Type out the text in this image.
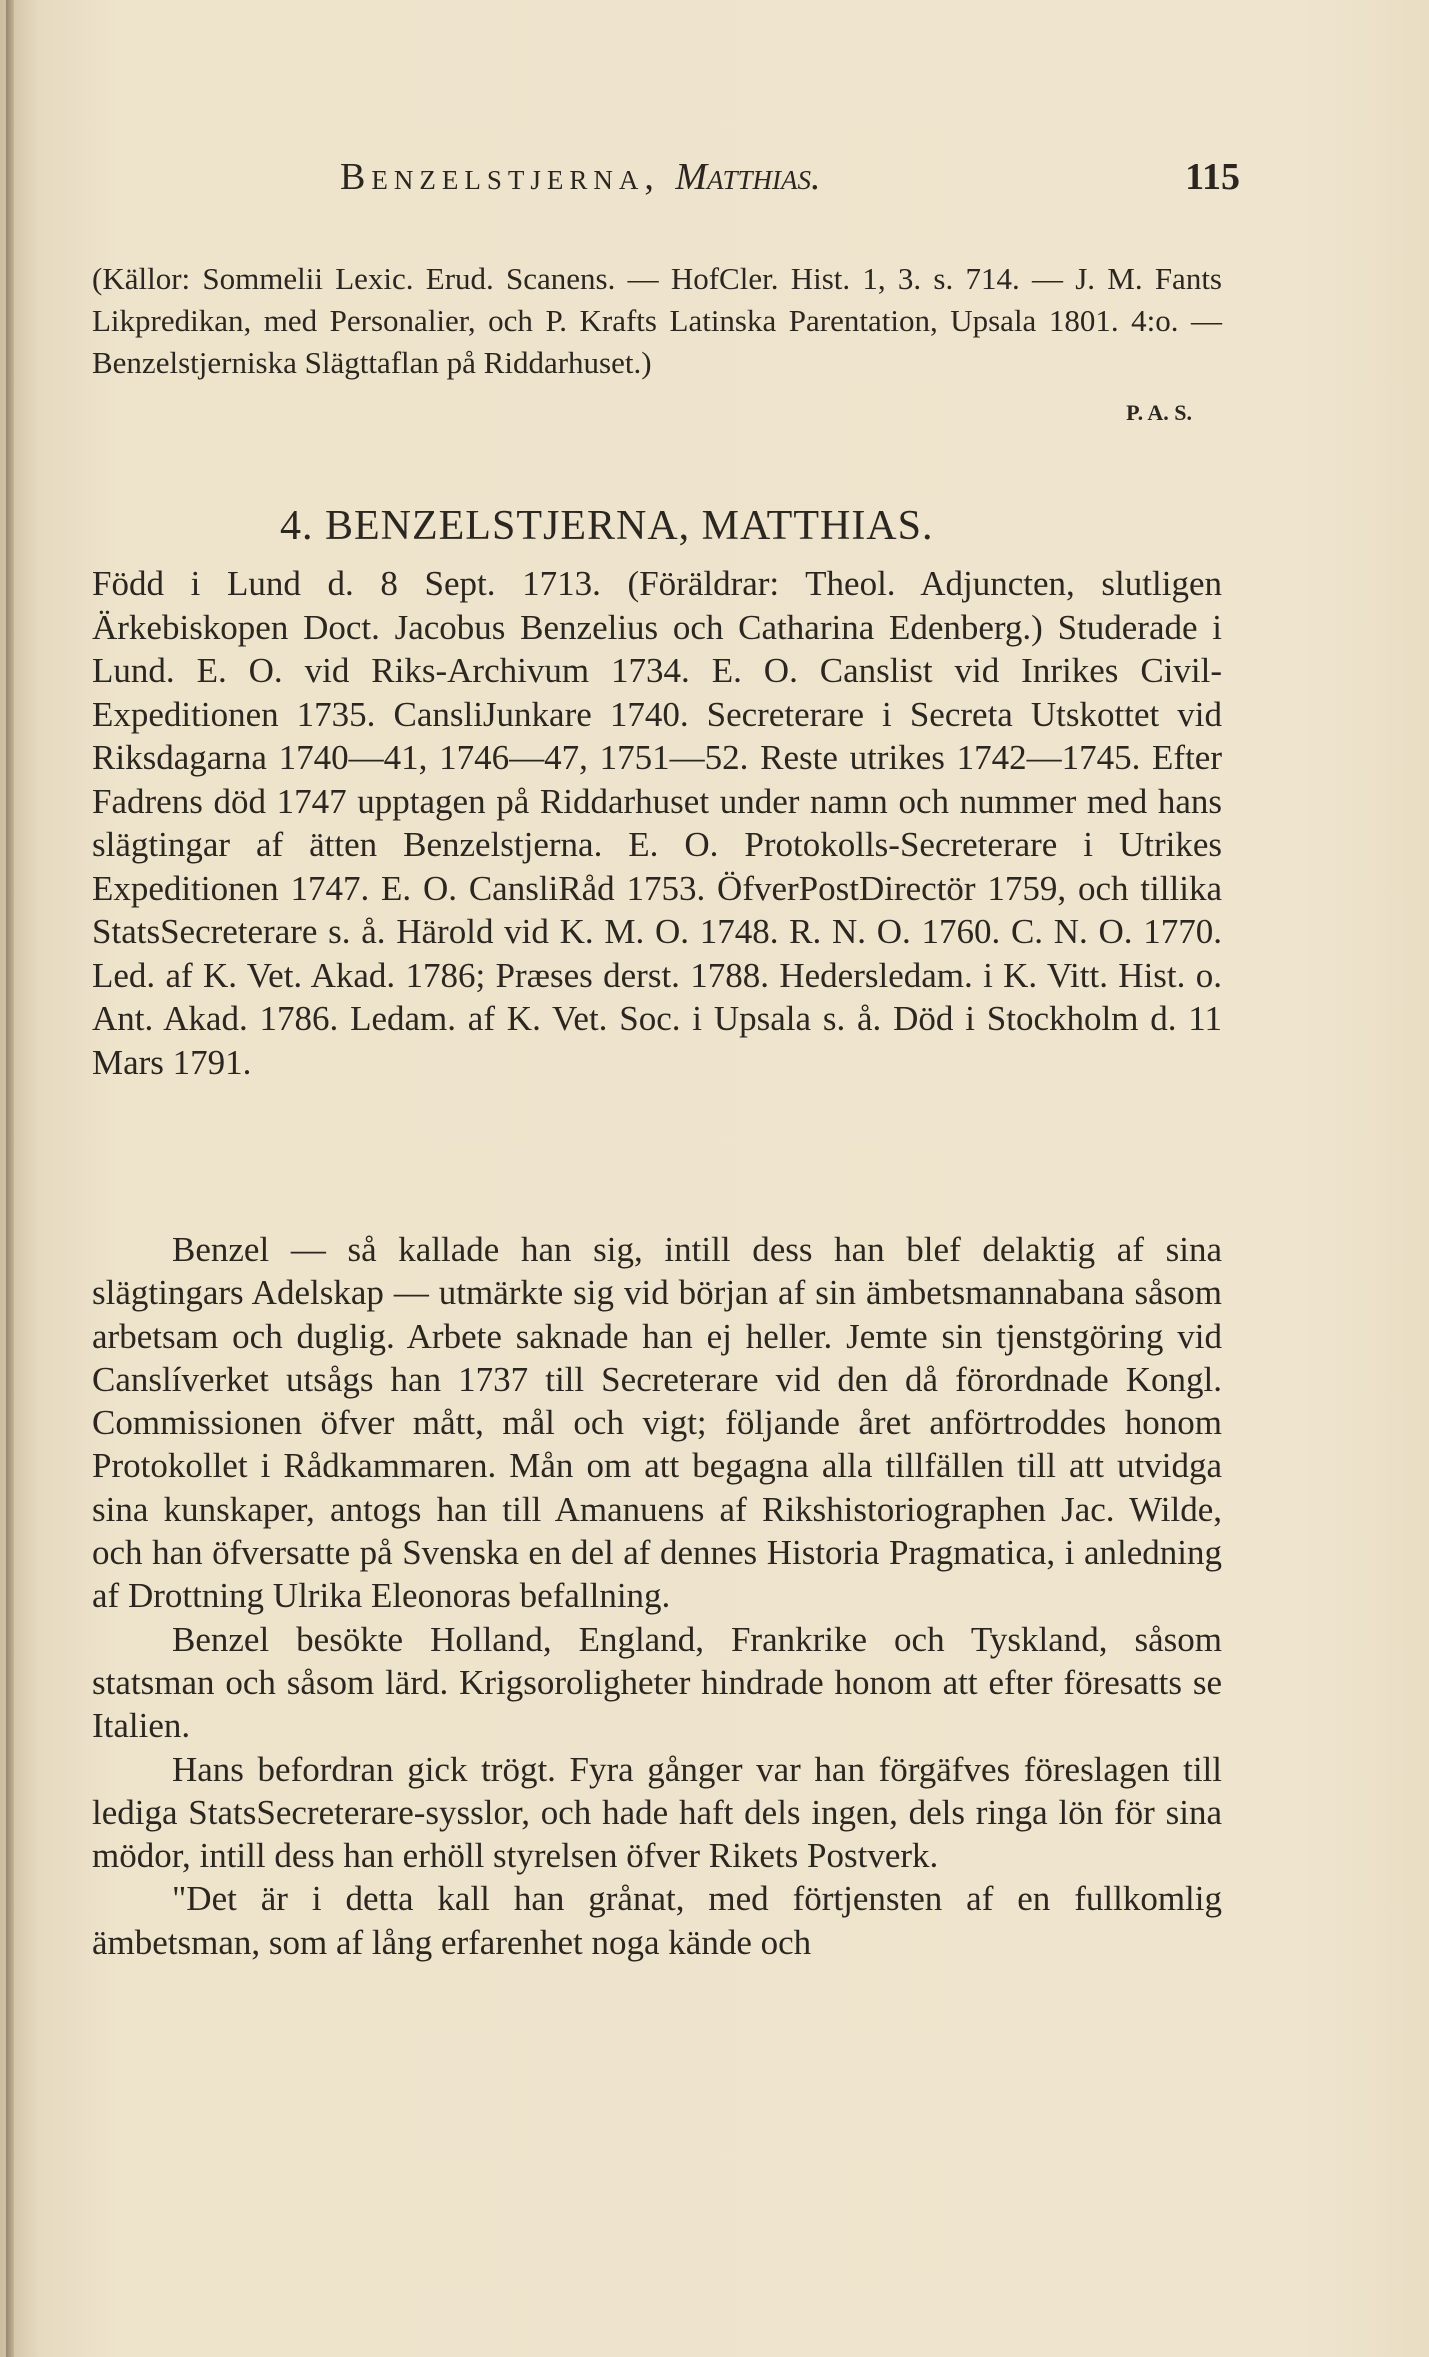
Benzelstjerna, Matthias.	115
(Källor: Sommelii Lexic. Erud. Scanens. — HofCler. Hist. 1, 3. s. 714. — J. M. Fants Likpredikan, med Personalier, och P. Krafts Latinska Parentation, Upsala 1801. 4:o. — Benzelstjerniska Slägttaflan på Riddarhuset.)
P. A. S.
4. BENZELSTJERNA, MATTHIAS.

Född i Lund d. 8 Sept. 1713. (Föräldrar: Theol. Adjuncten, slutligen Ärkebiskopen Doct. Jacobus Benzelius och Catharina Edenberg.) Studerade i Lund. E. O. vid Riks-Archivum 1734. E. O. Canslist vid Inrikes Civil-Expeditionen 1735. CansliJunkare 1740. Secreterare i Secreta Utskottet vid Riksdagarna 1740—41, 1746—47, 1751—52. Reste utrikes 1742—1745. Efter Fadrens död 1747 upptagen på Riddarhuset under namn och nummer med hans slägtingar af ätten Benzelstjerna. E. O. Protokolls-Secreterare i Utrikes Expeditionen 1747. E. O. CansliRåd 1753. ÖfverPostDirectör 1759, och tillika StatsSecreterare s. å. Härold vid K. M. O. 1748. R. N. O. 1760. C. N. O. 1770. Led. af K. Vet. Akad. 1786; Præses derst. 1788. Hedersledam. i K. Vitt. Hist. o. Ant. Akad. 1786. Ledam. af K. Vet. Soc. i Upsala s. å. Död i Stockholm d. 11 Mars 1791.

Benzel — så kallade han sig, intill dess han blef delaktig af sina slägtingars Adelskap — utmärkte sig vid början af sin ämbetsmannabana såsom arbetsam och duglig. Arbete saknade han ej heller. Jemte sin tjenstgöring vid Canslíverket utsågs han 1737 till Secreterare vid den då förordnade Kongl. Commissionen öfver mått, mål och vigt; följande året anförtroddes honom Protokollet i Rådkammaren. Mån om att begagna alla tillfällen till att utvidga sina kunskaper, antogs han till Amanuens af Rikshistoriographen Jac. Wilde, och han öfversatte på Svenska en del af dennes Historia Pragmatica, i anledning af Drottning Ulrika Eleonoras befallning.

Benzel besökte Holland, England, Frankrike och Tyskland, såsom statsman och såsom lärd. Krigsoroligheter hindrade honom att efter föresatts se Italien.

Hans befordran gick trögt. Fyra gånger var han förgäfves föreslagen till lediga StatsSecreterare-sysslor, och hade haft dels ingen, dels ringa lön för sina mödor, intill dess han erhöll styrelsen öfver Rikets Postverk.

"Det är i detta kall han grånat, med förtjensten af en fullkomlig ämbetsman, som af lång erfarenhet noga kände och
